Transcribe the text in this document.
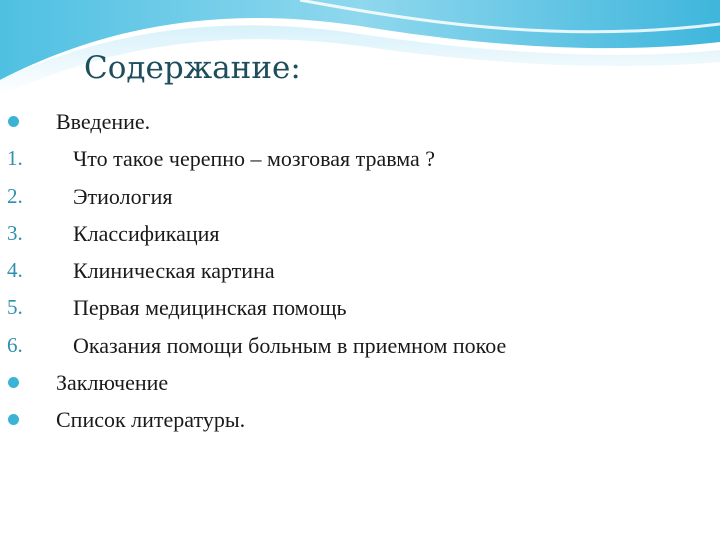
Содержание:
Введение.
1. Что такое черепно – мозговая травма ?
2. Этиология
3. Классификация
4. Клиническая картина
5. Первая медицинская помощь
6. Оказания помощи больным в приемном покое
Заключение
Список литературы.
